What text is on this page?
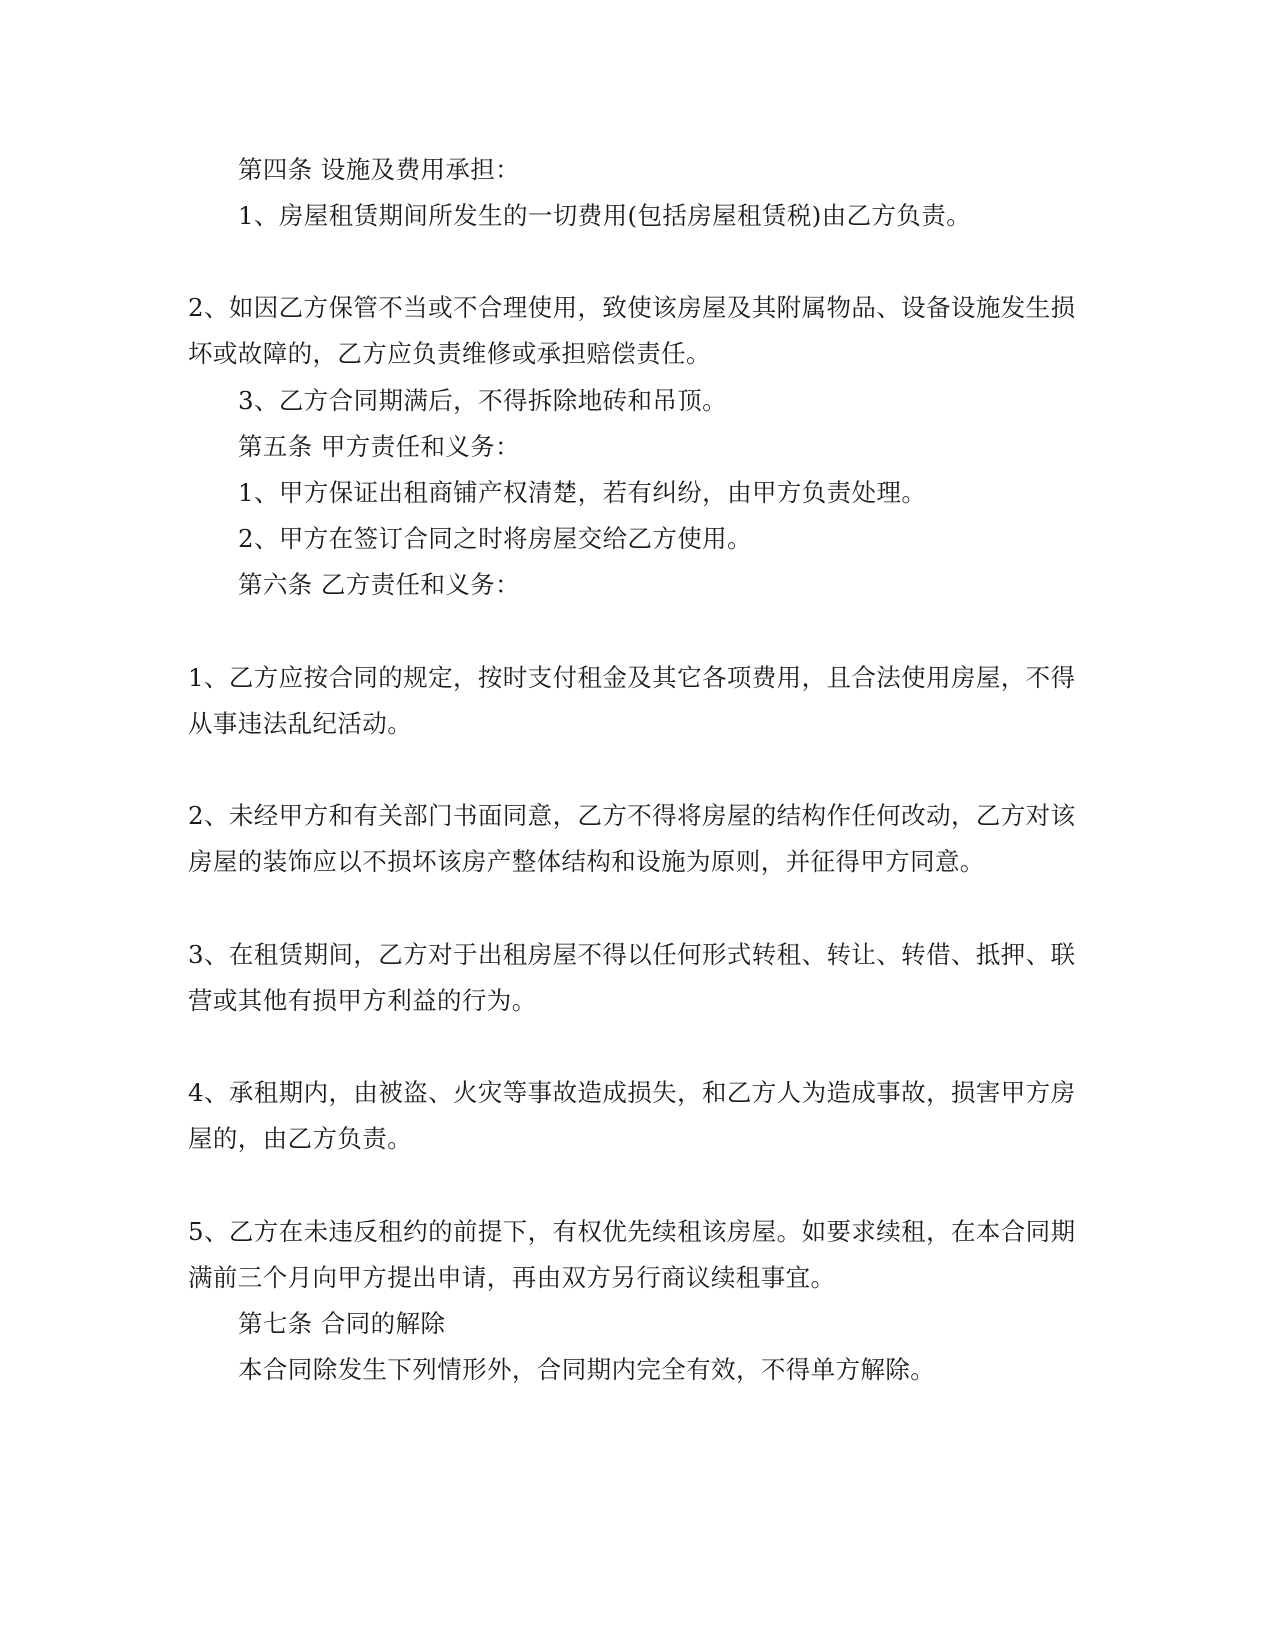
第四条 设施及费用承担：
1、房屋租赁期间所发生的一切费用(包括房屋租赁税)由乙方负责。
2、如因乙方保管不当或不合理使用，致使该房屋及其附属物品、设备设施发生损
坏或故障的，乙方应负责维修或承担赔偿责任。
3、乙方合同期满后，不得拆除地砖和吊顶。
第五条 甲方责任和义务：
1、甲方保证出租商铺产权清楚，若有纠纷，由甲方负责处理。
2、甲方在签订合同之时将房屋交给乙方使用。
第六条 乙方责任和义务：
1、乙方应按合同的规定，按时支付租金及其它各项费用，且合法使用房屋，不得
从事违法乱纪活动。
2、未经甲方和有关部门书面同意，乙方不得将房屋的结构作任何改动，乙方对该
房屋的装饰应以不损坏该房产整体结构和设施为原则，并征得甲方同意。
3、在租赁期间，乙方对于出租房屋不得以任何形式转租、转让、转借、抵押、联
营或其他有损甲方利益的行为。
4、承租期内，由被盗、火灾等事故造成损失，和乙方人为造成事故，损害甲方房
屋的，由乙方负责。
5、乙方在未违反租约的前提下，有权优先续租该房屋。如要求续租，在本合同期
满前三个月向甲方提出申请，再由双方另行商议续租事宜。
第七条 合同的解除
本合同除发生下列情形外，合同期内完全有效，不得单方解除。
